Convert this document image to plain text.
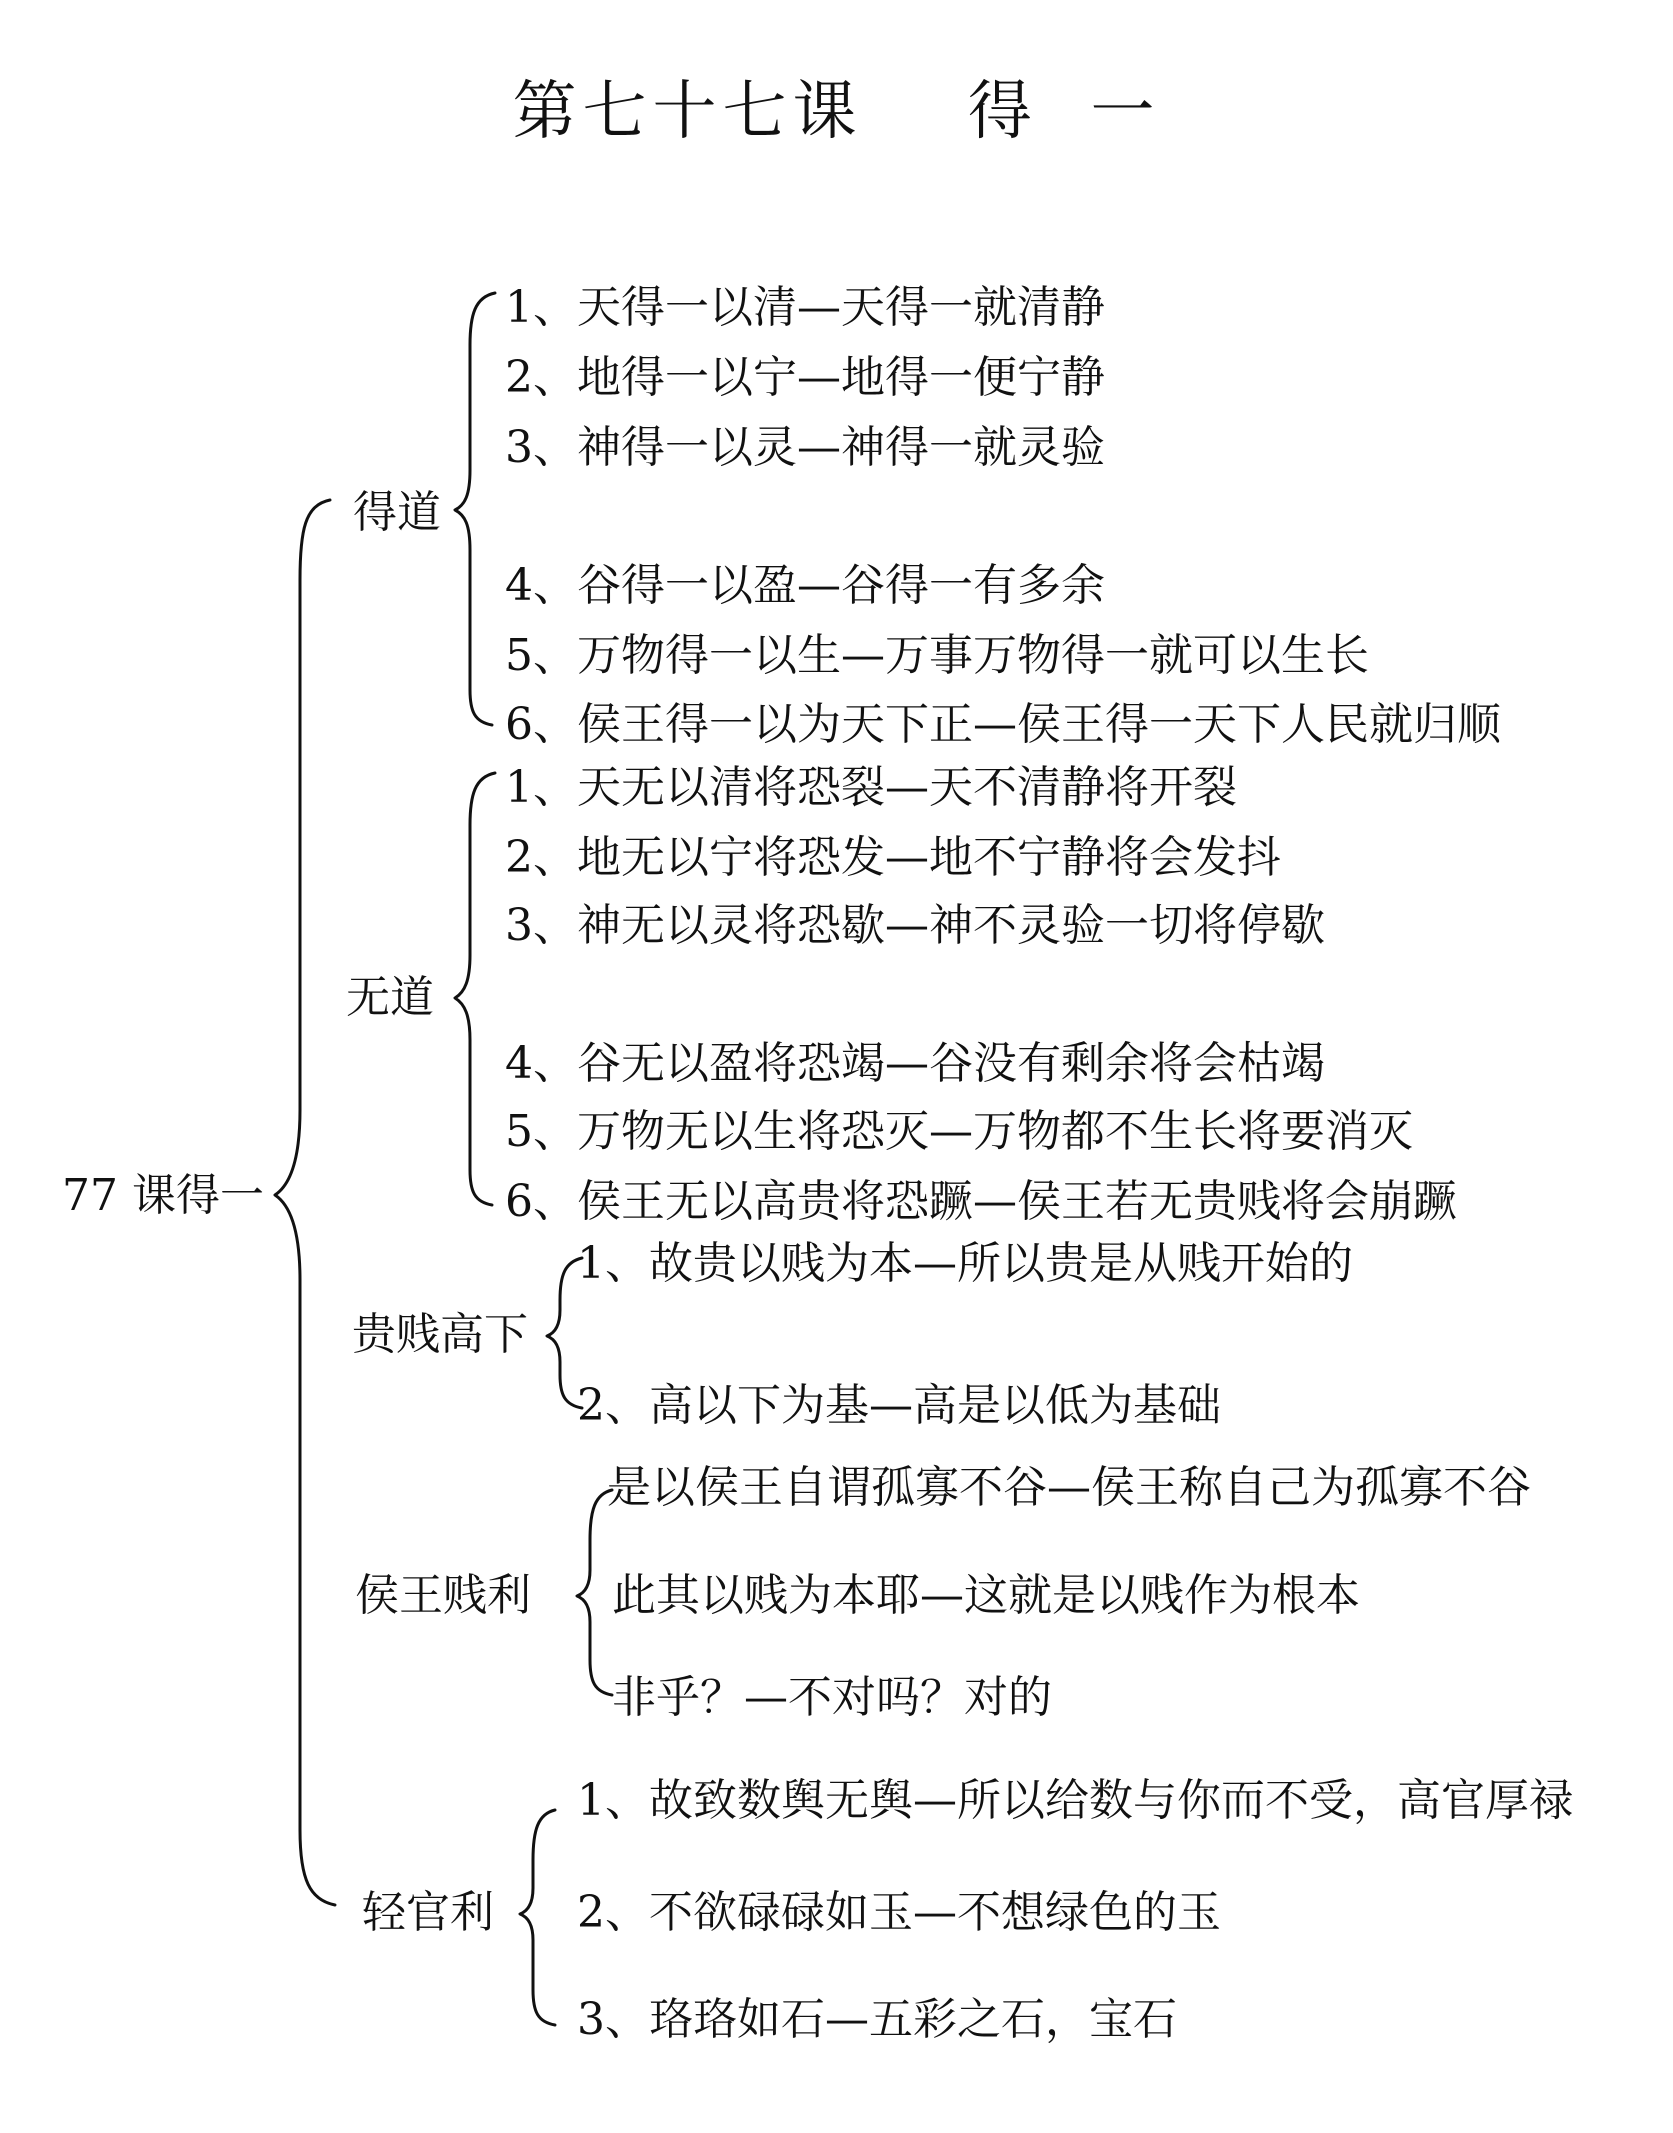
第七十七课    得  一
77 课得一
得道
1、天得一以清—天得一就清静
2、地得一以宁—地得一便宁静
3、神得一以灵—神得一就灵验
4、谷得一以盈—谷得一有多余
5、万物得一以生—万事万物得一就可以生长
6、侯王得一以为天下正—侯王得一天下人民就归顺
无道
1、天无以清将恐裂—天不清静将开裂
2、地无以宁将恐发—地不宁静将会发抖
3、神无以灵将恐歇—神不灵验一切将停歇
4、谷无以盈将恐竭—谷没有剩余将会枯竭
5、万物无以生将恐灭—万物都不生长将要消灭
6、侯王无以高贵将恐蹶—侯王若无贵贱将会崩蹶
贵贱高下
1、故贵以贱为本—所以贵是从贱开始的
2、高以下为基—高是以低为基础
侯王贱利
是以侯王自谓孤寡不谷—侯王称自己为孤寡不谷
此其以贱为本耶—这就是以贱作为根本
非乎？—不对吗？对的
轻官利
1、故致数舆无舆—所以给数与你而不受，高官厚禄
2、不欲碌碌如玉—不想绿色的玉
3、珞珞如石—五彩之石，宝石
